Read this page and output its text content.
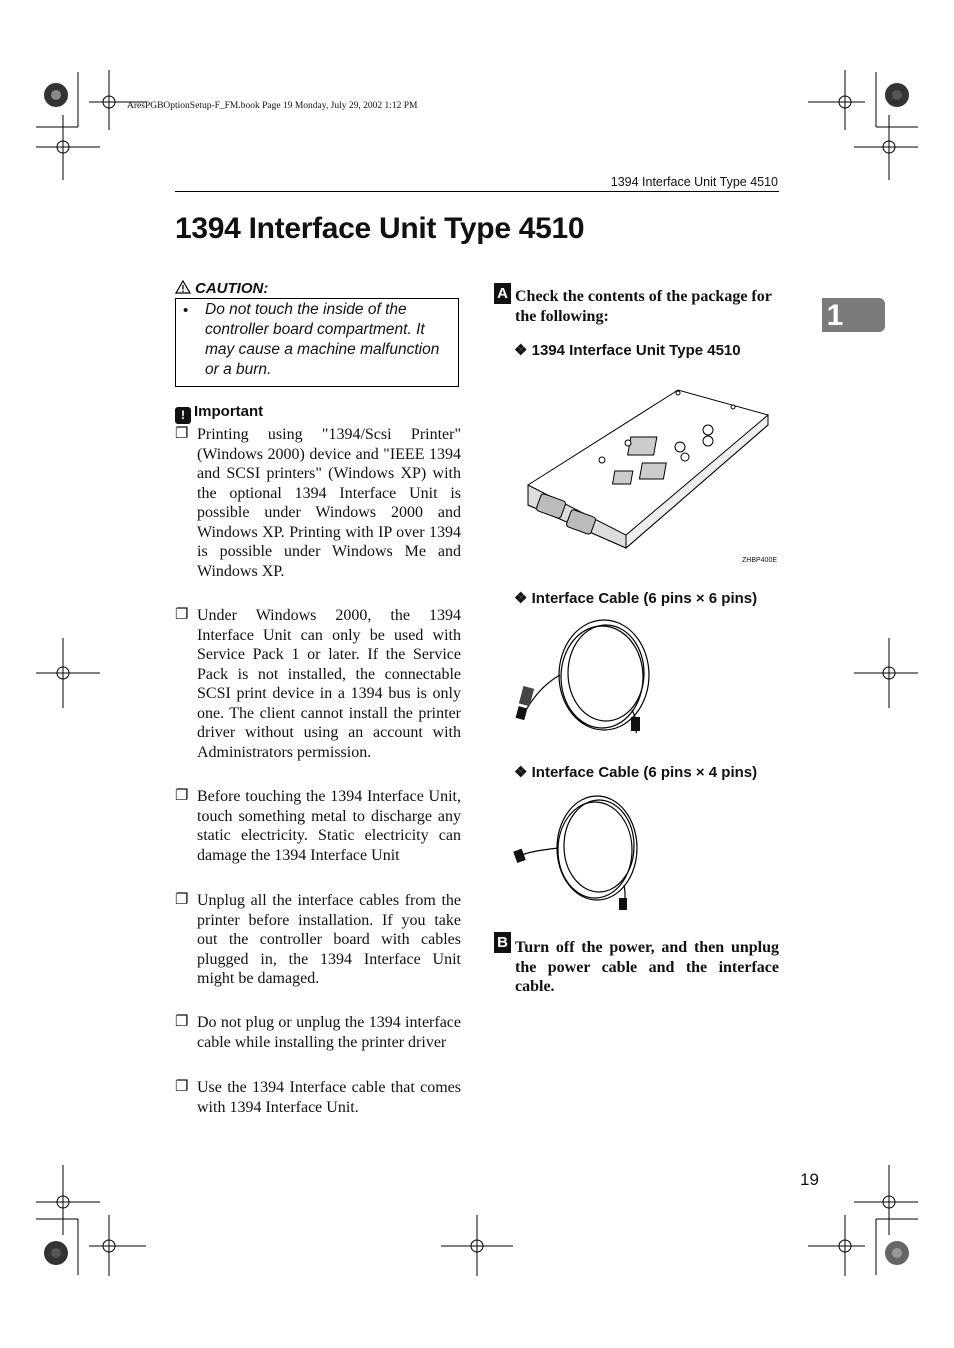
AresPGBOptionSetup-F_FM.book Page 19 Monday, July 29, 2002 1:12 PM
1394 Interface Unit Type 4510
1394 Interface Unit Type 4510
1
CAUTION:
• Do not touch the inside of the controller board compartment. It may cause a machine malfunction or a burn.
! Important
❐ Printing using "1394/Scsi Printer" (Windows 2000) device and "IEEE 1394 and SCSI printers" (Windows XP) with the optional 1394 Interface Unit is possible under Windows 2000 and Windows XP. Printing with IP over 1394 is possible under Windows Me and Windows XP.
❐ Under Windows 2000, the 1394 Interface Unit can only be used with Service Pack 1 or later. If the Service Pack is not installed, the connectable SCSI print device in a 1394 bus is only one. The client cannot install the printer driver without using an account with Administrators permission.
❐ Before touching the 1394 Interface Unit, touch something metal to discharge any static electricity. Static electricity can damage the 1394 Interface Unit
❐ Unplug all the interface cables from the printer before installation. If you take out the controller board with cables plugged in, the 1394 Interface Unit might be damaged.
❐ Do not plug or unplug the 1394 interface cable while installing the printer driver
❐ Use the 1394 Interface cable that comes with 1394 Interface Unit.
A Check the contents of the package for the following:
❖ 1394 Interface Unit Type 4510
ZHBP400E
❖ Interface Cable (6 pins × 6 pins)
❖ Interface Cable (6 pins × 4 pins)
B Turn off the power, and then unplug the power cable and the interface cable.
19
